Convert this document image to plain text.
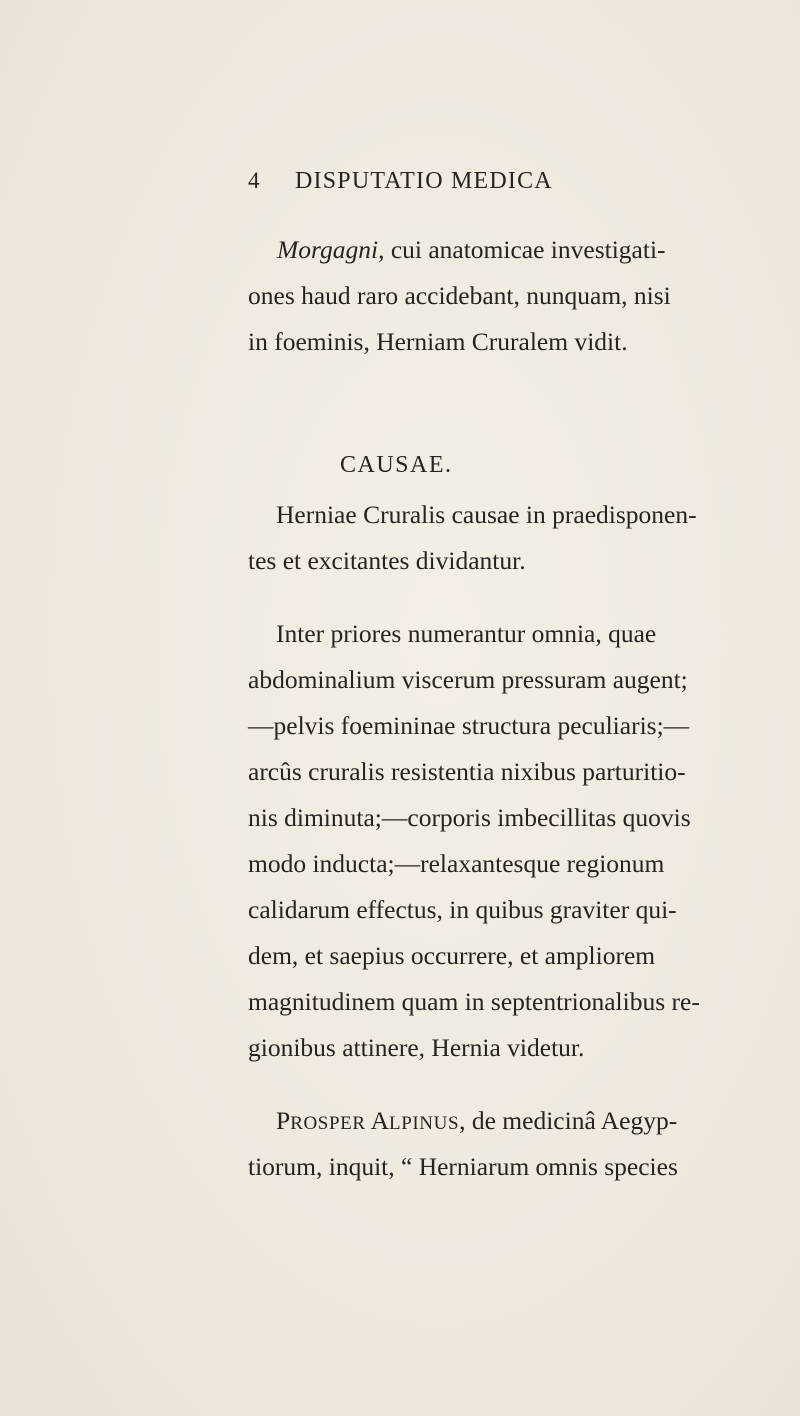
4 DISPUTATIO MEDICA
Morgagni, cui anatomicae investigati-
ones haud raro accidebant, nunquam, nisi
in foeminis, Herniam Cruralem vidit.
CAUSAE.
Herniae Cruralis causae in praedisponen-
tes et excitantes dividantur.
Inter priores numerantur omnia, quae
abdominalium viscerum pressuram augent;
—pelvis foemininae structura peculiaris;—
arcûs cruralis resistentia nixibus parturitio-
nis diminuta;—corporis imbecillitas quovis
modo inducta;—relaxantesque regionum
calidarum effectus, in quibus graviter qui-
dem, et saepius occurrere, et ampliorem
magnitudinem quam in septentrionalibus re-
gionibus attinere, Hernia videtur.
PROSPER ALPINUS, de medicinâ Aegyp-
tiorum, inquit, “ Herniarum omnis species
